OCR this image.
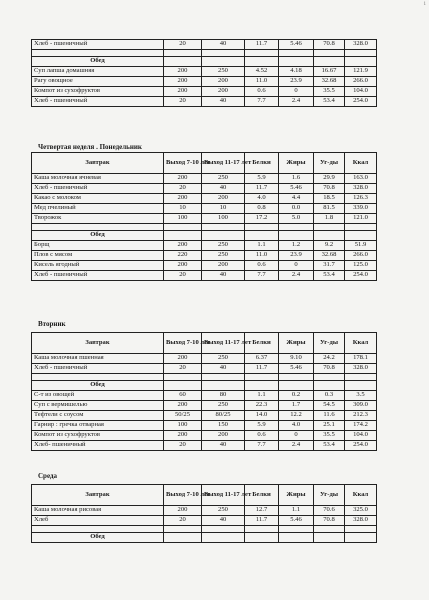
1
Хлеб - пшеничный	20	40	11.7	5.46	70.8	328.0

Обед						
Суп лапша домашняя	200	250	4.52	4.18	16.67	121.9
Рагу овощное	200	200	11.0	23.9	32.68	266.0
Компот из сухофруктов	200	200	0.6	0	35.5	104.0
Хлеб - пшеничный	20	40	7.7	2.4	53.4	254.0
Четвертая неделя . Понедельник
Завтрак	Выход 7-10 лет	Выход 11-17 лет	Белки	Жиры	Уг-ды	Ккал
Каша молочная ячневая	200	250	5.9	1.6	29.9	163.0
Хлеб - пшеничный	20	40	11.7	5.46	70.8	328.0
Какао с молоком	200	200	4.0	4.4	18.5	126.3
Мед пчелиный	10	10	0.8	0.0	81.5	339.0
Творожок	100	100	17.2	5.0	1.8	121.0

Обед						
Борщ	200	250	1.1	1.2	9.2	51.9
Плов с мясом	220	250	11.0	23.9	32.68	266.0
Кисель ягодный	200	200	0.6	0	31.7	125.0
Хлеб - пшеничный	20	40	7.7	2.4	53.4	254.0
Вторник
Завтрак	Выход 7-10 лет	Выход 11-17 лет	Белки	Жиры	Уг-ды	Ккал
Каша молочная пшенная	200	250	6.37	9.10	24.2	178.1
Хлеб - пшеничный	20	40	11.7	5.46	70.8	328.0

Обед						
С-т из овощей	60	80	1.1	0.2	0.3	3.5
Суп с вермишелью	200	250	22.3	1.7	54.5	309.0
Тефтели с соусом	50/25	80/25	14.0	12.2	11.6	212.3
Гарнир : гречка отварная	100	150	5.9	4.0	25.1	174.2
Компот из сухофруктов	200	200	0.6	0	35.5	104.0
Хлеб- пшеничный	20	40	7.7	2.4	53.4	254.0
Среда
Завтрак	Выход 7-10 лет	Выход 11-17 лет	Белки	Жиры	Уг-ды	Ккал
Каша молочная рисовая	200	250	12.7	1.1	70.6	325.0
Хлеб	20	40	11.7	5.46	70.8	328.0

Обед						
